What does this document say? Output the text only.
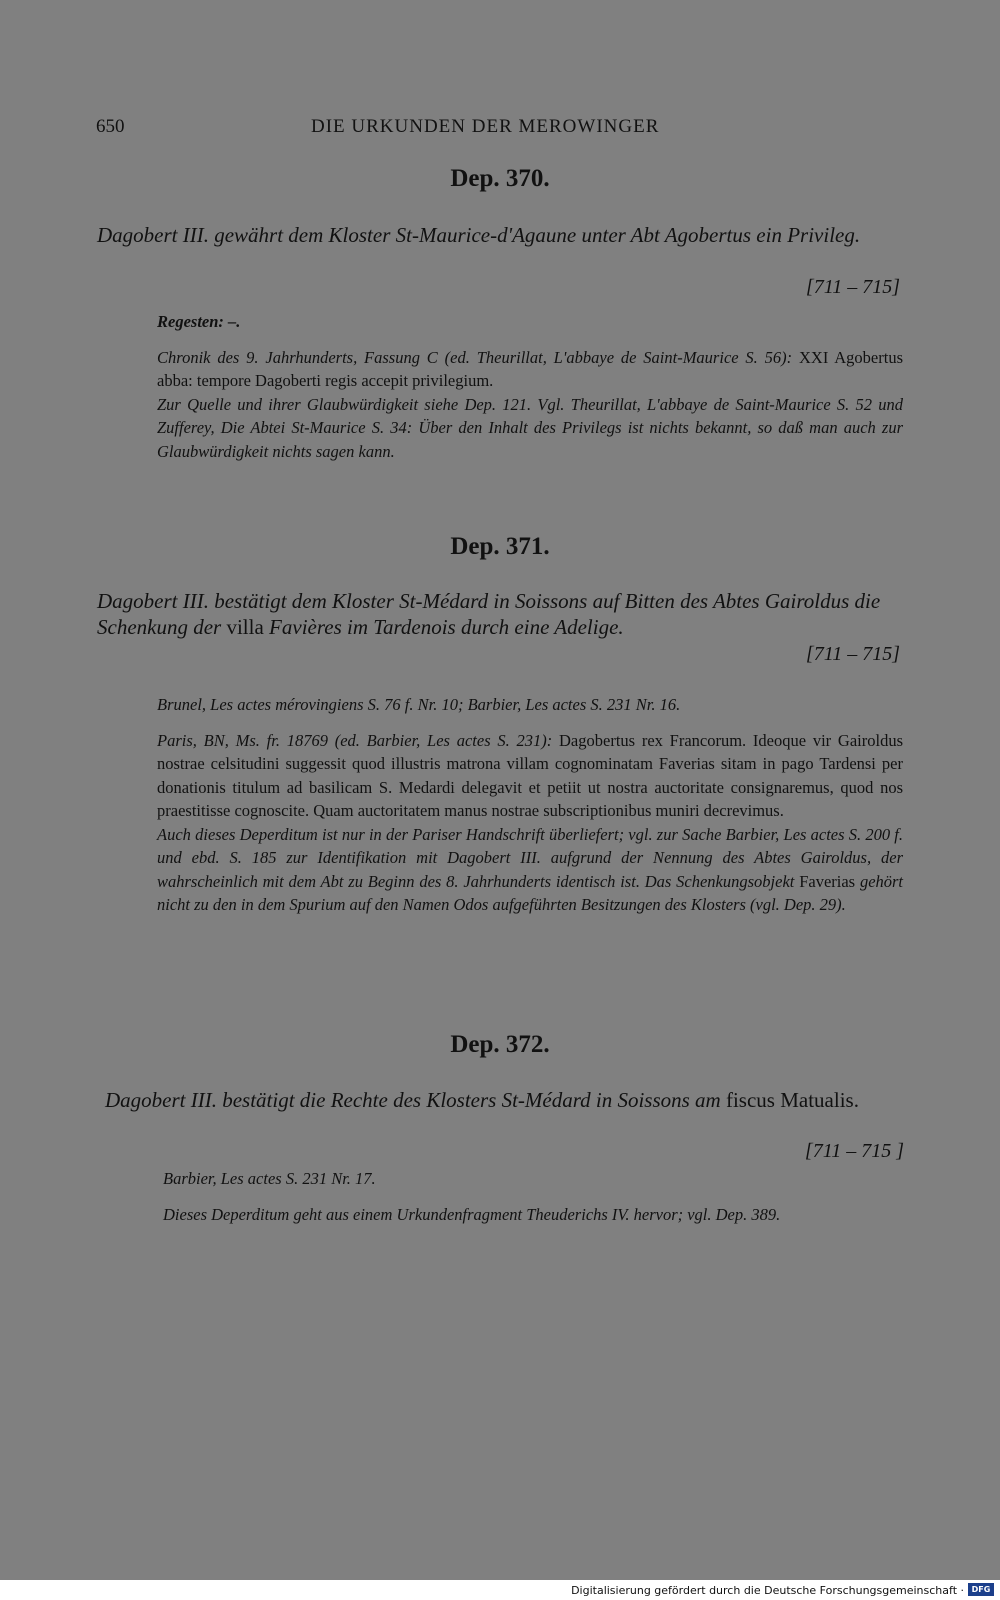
650	DIE URKUNDEN DER MEROWINGER
Dep. 370.
Dagobert III. gewährt dem Kloster St-Maurice-d'Agaune unter Abt Agobertus ein Privileg.
[711 – 715]

Regesten: –.

Chronik des 9. Jahrhunderts, Fassung C (ed. Theurillat, L'abbaye de Saint-Maurice S. 56): XXI Agobertus abba: tempore Dagoberti regis accepit privilegium.

Zur Quelle und ihrer Glaubwürdigkeit siehe Dep. 121. Vgl. Theurillat, L'abbaye de Saint-Maurice S. 52 und Zufferey, Die Abtei St-Maurice S. 34: Über den Inhalt des Privilegs ist nichts bekannt, so daß man auch zur Glaubwürdigkeit nichts sagen kann.

Dep. 371.
Dagobert III. bestätigt dem Kloster St-Médard in Soissons auf Bitten des Abtes Gairoldus die Schenkung der villa Favières im Tardenois durch eine Adelige.
[711 – 715]

Brunel, Les actes mérovingiens S. 76 f. Nr. 10; Barbier, Les actes S. 231 Nr. 16.

Paris, BN, Ms. fr. 18769 (ed. Barbier, Les actes S. 231): Dagobertus rex Francorum. Ideoque vir Gairoldus nostrae celsitudini suggessit quod illustris matrona villam cognominatam Faverias sitam in pago Tardensi per donationis titulum ad basilicam S. Medardi delegavit et petiit ut nostra auctoritate consignaremus, quod nos praestitisse cognoscite. Quam auctoritatem manus nostrae subscriptionibus muniri decrevimus.

Auch dieses Deperditum ist nur in der Pariser Handschrift überliefert; vgl. zur Sache Barbier, Les actes S. 200 f. und ebd. S. 185 zur Identifikation mit Dagobert III. aufgrund der Nennung des Abtes Gairoldus, der wahrscheinlich mit dem Abt zu Beginn des 8. Jahrhunderts identisch ist. Das Schenkungsobjekt Faverias gehört nicht zu den in dem Spurium auf den Namen Odos aufgeführten Besitzungen des Klosters (vgl. Dep. 29).

Dep. 372.
Dagobert III. bestätigt die Rechte des Klosters St-Médard in Soissons am fiscus Matualis.
[711 – 715 ]

Barbier, Les actes S. 231 Nr. 17.

Dieses Deperditum geht aus einem Urkundenfragment Theuderichs IV. hervor; vgl. Dep. 389.

Digitalisierung gefördert durch die Deutsche Forschungsgemeinschaft · DFG
